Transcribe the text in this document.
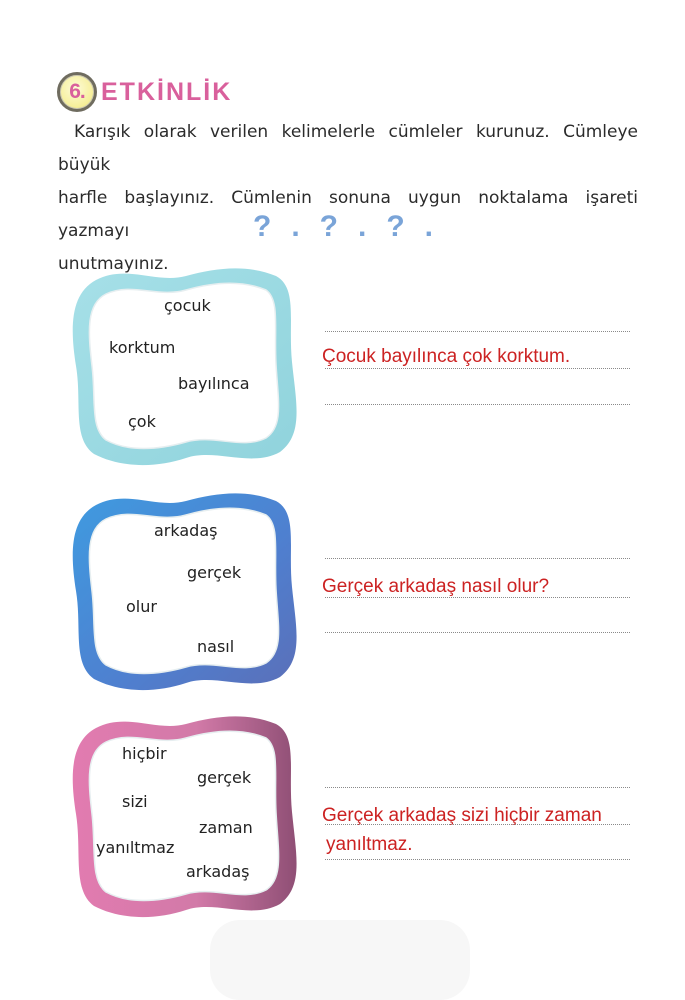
6. ETKİNLİK
Karışık olarak verilen kelimelerle cümleler kurunuz. Cümleye büyük
harfle başlayınız. Cümlenin sonuna uygun noktalama işareti yazmayı
unutmayınız.
? . ? . ? .
çocuk
korktum
bayılınca
çok
Çocuk bayılınca çok korktum.
arkadaş
gerçek
olur
nasıl
Gerçek arkadaş nasıl olur?
hiçbir
gerçek
sizi
zaman
yanıltmaz
arkadaş
Gerçek arkadaş sizi hiçbir zaman
yanıltmaz.
